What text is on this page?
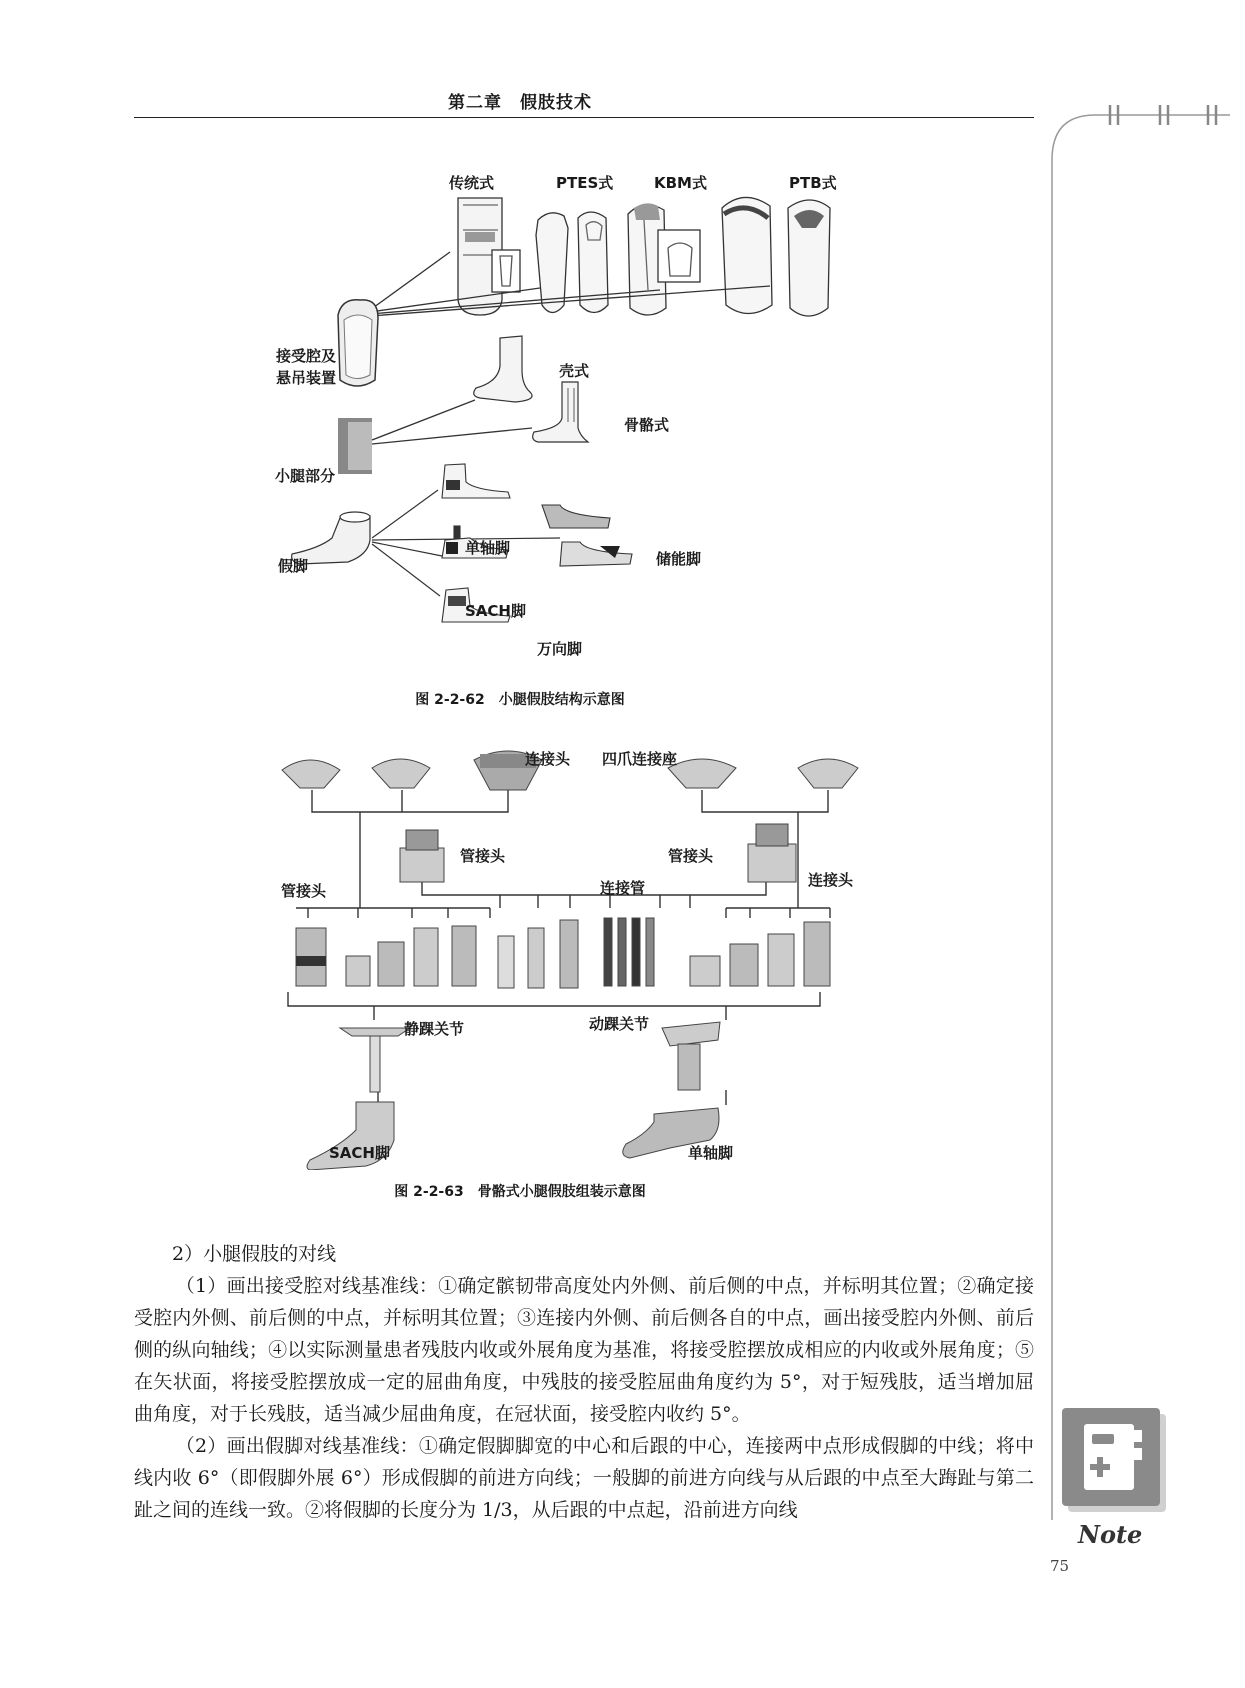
第二章　假肢技术
Note
传统式	PTES式	KBM式	PTB式
接受腔及
悬吊装置	壳式
骨骼式
小腿部分
假脚
单轴脚
储能脚
SACH脚
万向脚
图 2-2-62　小腿假肢结构示意图
连接头 四爪连接座
管接头	管接头
管接头	连接管	连接头
静踝关节	动踝关节
SACH脚	单轴脚
图 2-2-63　骨骼式小腿假肢组装示意图

2）小腿假肢的对线

（1）画出接受腔对线基准线：①确定髌韧带高度处内外侧、前后侧的中点，并标明其位置；②确定接受腔内外侧、前后侧的中点，并标明其位置；③连接内外侧、前后侧各自的中点，画出接受腔内外侧、前后侧的纵向轴线；④以实际测量患者残肢内收或外展角度为基准，将接受腔摆放成相应的内收或外展角度；⑤在矢状面，将接受腔摆放成一定的屈曲角度，中残肢的接受腔屈曲角度约为 5°，对于短残肢，适当增加屈曲角度，对于长残肢，适当减少屈曲角度，在冠状面，接受腔内收约 5°。

（2）画出假脚对线基准线：①确定假脚脚宽的中心和后跟的中心，连接两中点形成假脚的中线；将中线内收 6°（即假脚外展 6°）形成假脚的前进方向线；一般脚的前进方向线与从后跟的中点至大踇趾与第二趾之间的连线一致。②将假脚的长度分为 1/3，从后跟的中点起，沿前进方向线

75
